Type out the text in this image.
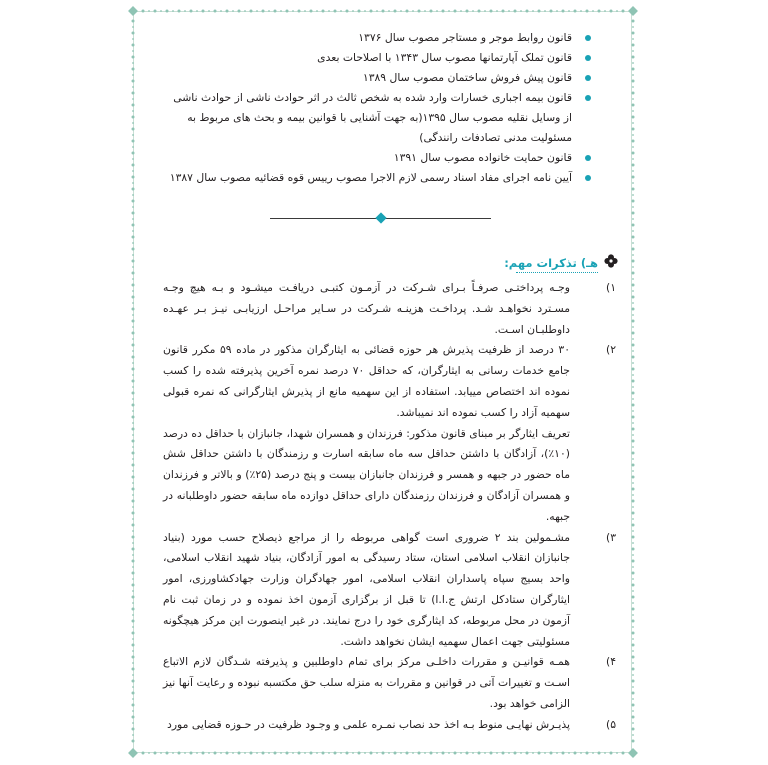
قانون روابط موجر و مستاجر مصوب سال ۱۳۷۶
قانون تملک آپارتمانها مصوب سال ۱۳۴۳ با اصلاحات بعدی
قانون پیش فروش ساختمان مصوب سال ۱۳۸۹
قانون بیمه اجباری خسارات وارد شده به شخص ثالث در اثر حوادث ناشی از حوادث ناشی از وسایل نقلیه مصوب سال ۱۳۹۵(به جهت آشنایی با قوانین بیمه و بحث های مربوط به مسئولیت مدنی تصادفات رانندگی)
قانون حمایت خانواده مصوب سال ۱۳۹۱
آیین نامه اجرای مفاد اسناد رسمی لازم الاجرا مصوب رییس قوه قضائیه مصوب سال ۱۳۸۷
هـ) تذکرات مهم:
۱)

وجـه پرداختـی صرفـاً بـرای شـرکت در آزمـون کتبـی دریافـت میشـود و بـه هیچ وجـه مسـترد نخواهـد شـد. پرداخـت هزینـه شـرکت در سـایر مراحـل ارزیابـی نیـز بـر عهـده داوطلبـان اسـت.

۲)

۳۰ درصد از ظرفیت پذیرش هر حوزه قضائی به ایثارگران مذکور در ماده ۵۹ مکرر قانون جامع خدمات رسانی به ایثارگران، که حداقل ۷۰ درصد نمره آخرین پذیرفته شده را کسب نموده اند اختصاص مییابد. استفاده از این سهمیه مانع از پذیرش ایثارگرانی که نمره قبولی سهمیه آزاد را کسب نموده اند نمیباشد.

تعریف ایثارگر بر مبنای قانون مذکور: فرزندان و همسران شهدا، جانبازان با حداقل ده درصد (۱۰٪)، آزادگان با داشتن حداقل سه ماه سابقه اسارت و رزمندگان با داشتن حداقل شش ماه حضور در جبهه و همسر و فرزندان جانبازان بیست و پنج درصد (۲۵٪) و بالاتر و فرزندان و همسران آزادگان و فرزندان رزمندگان دارای حداقل دوازده ماه سابقه حضور داوطلبانه در جبهه.

۳)

مشـمولین بند ۲ ضروری است گواهی مربوطه را از مراجع ذیصلاح حسب مورد (بنیاد جانبازان انقلاب اسلامی استان، ستاد رسیدگی به امور آزادگان، بنیاد شهید انقلاب اسلامی، واحد بسیج سپاه پاسداران انقلاب اسلامی، امور جهادگران وزارت جهادکشاورزی، امور ایثارگران ستادکل ارتش ج.ا.ا) تا قبل از برگزاری آزمون اخذ نموده و در زمان ثبت نام آزمون در محل مربوطه، کد ایثارگری خود را درج نمایند. در غیر اینصورت این مرکز هیچگونه مسئولیتی جهت اعمال سهمیه ایشان نخواهد داشت.

۴)

همـه قوانیـن و مقررات داخلـی مرکز برای تمام داوطلبین و پذیرفته شـدگان لازم الاتباع اسـت و تغییرات آتی در قوانین و مقررات به منزله سلب حق مکتسبه نبوده و رعایت آنها نیز الزامی خواهد بود.

۵)

پذیـرش نهایـی منوط بـه اخذ حد نصاب نمـره علمی و وجـود ظرفیت در حـوزه قضایی مورد
